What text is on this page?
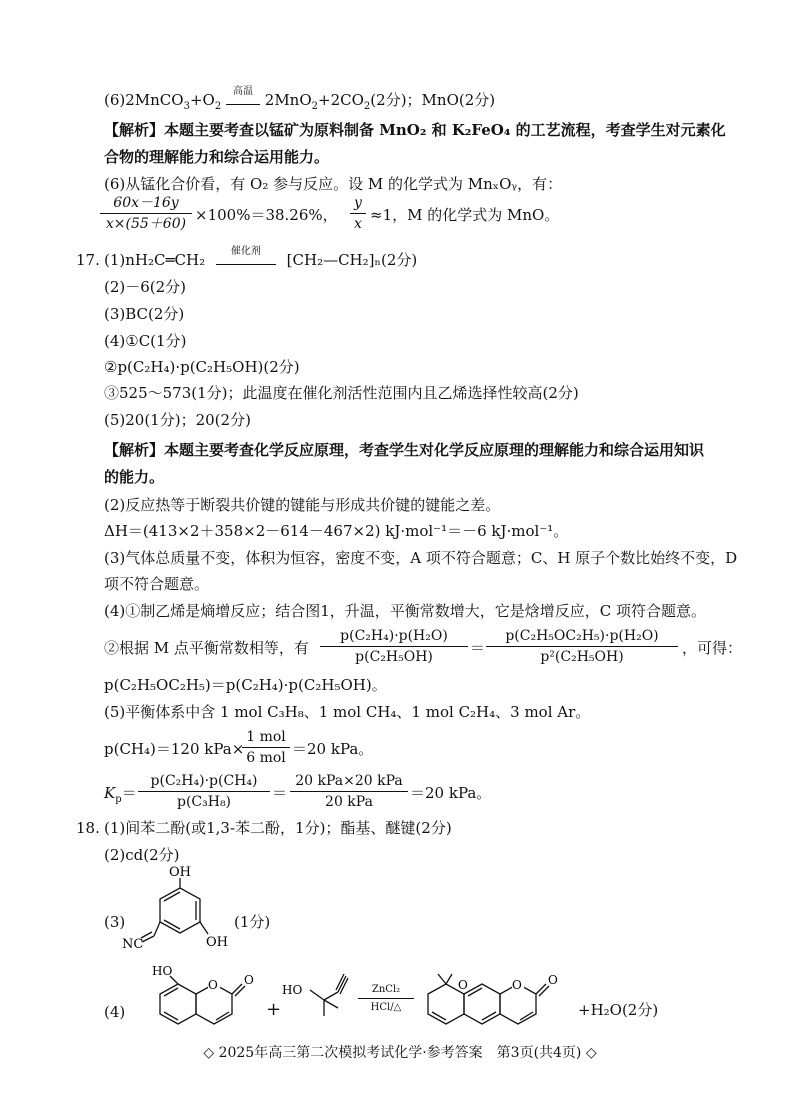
$(6)2MnCO_3+O_2$
高温 $2MnO_2+2CO_2(2$分)；MnO(2分)
【解析】本题主要考查以锰矿为原料制备 MnO₂ 和 K₂FeO₄ 的工艺流程，考查学生对元素化
合物的理解能力和综合运用能力。
(6)从锰化合价看，有 O₂ 参与反应。设 M 的化学式为 MnₓOᵧ，有：
$\frac{60x-16y}{x\times(55+60)} \times 100\%=38.26\%$， $\frac{y}{x} \approx 1$，M 的化学式为 MnO。
17. (1)nH₂C═CH₂	催化剂	[CH₂—CH₂]ₙ(2分)
(2)－6(2分)
(3)BC(2分)
(4)①C(1分)
②p(C₂H₄)·p(C₂H₅OH)(2分)
③525～573(1分)；此温度在催化剂活性范围内且乙烯选择性较高(2分)
(5)20(1分)；20(2分)
【解析】本题主要考查化学反应原理，考查学生对化学反应原理的理解能力和综合运用知识
的能力。
(2)反应热等于断裂共价键的键能与形成共价键的键能之差。
ΔH＝(413×2＋358×2－614－467×2) kJ·mol⁻¹＝－6 kJ·mol⁻¹。
(3)气体总质量不变，体积为恒容，密度不变，A 项不符合题意；C、H 原子个数比始终不变，D
项不符合题意。
(4)①制乙烯是熵增反应；结合图1，升温，平衡常数增大，它是焓增反应，C 项符合题意。
②根据 M 点平衡常数相等，有 $\frac{\text{p(C₂H₄)·p(H₂O)}}{\text{p(C₂H₅OH)}} = \frac{\text{p(C₂H₅OC₂H₅)·p(H₂O)}}{\text{p²(C₂H₅OH)}}$ ，可得：
p(C₂H₅OC₂H₅)＝p(C₂H₄)·p(C₂H₅OH)。
(5)平衡体系中含 1 mol C₃H₈、1 mol CH₄、1 mol C₂H₄、3 mol Ar。
p(CH₄)＝120 kPa×
1 mol
6 mol ＝20 kPa。
$K_p= \frac{\text{p(C₂H₄)·p(CH₄)}}{\text{p(C₃H₈)}}$ ＝
20 kPa×20 kPa
20 kPa	＝20 kPa。
18. (1)间苯二酚(或1,3-苯二酚，1分)；酯基、醚键(2分)
(2)cd(2分)
(3)
OH
OH
NC
(1分)
(4)
O O
HO
+
HO	ZnCl₂
HCl/△
O	O O
+H₂O(2分)
◇ 2025年高三第二次模拟考试化学·参考答案　第3页(共4页) ◇
